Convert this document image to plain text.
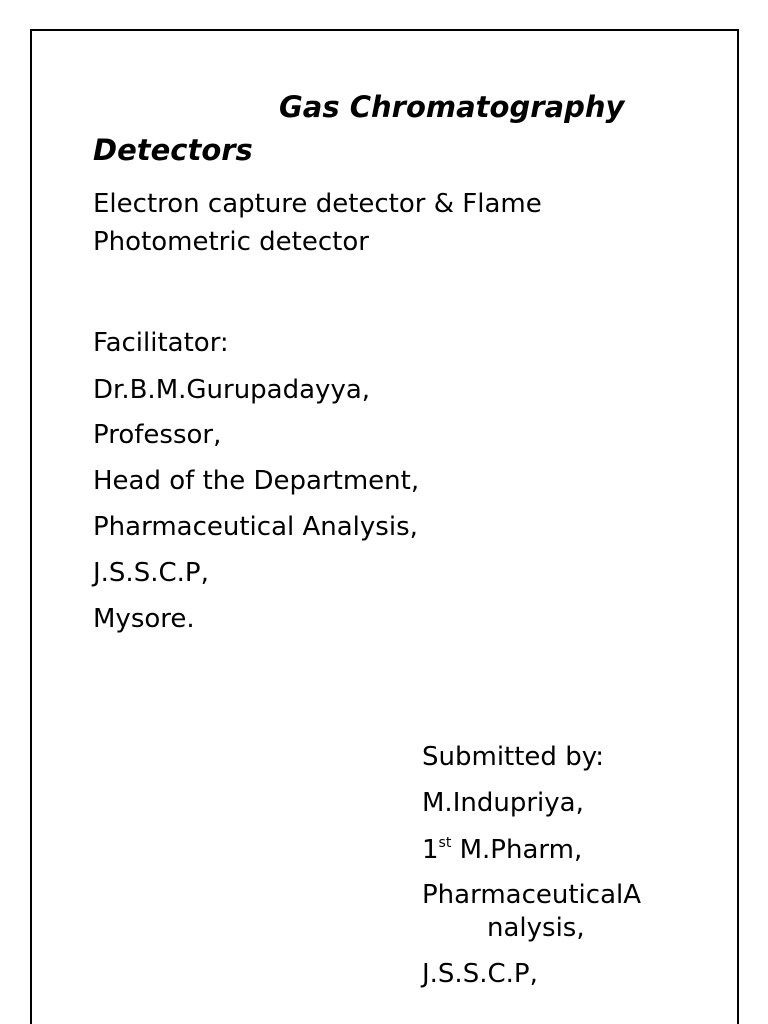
Gas Chromatography
Detectors
Electron capture detector & Flame
Photometric detector
Facilitator:
Dr.B.M.Gurupadayya,
Professor,
Head of the Department,
Pharmaceutical Analysis,
J.S.S.C.P,
Mysore.
Submitted by:
M.Indupriya,
1st M.Pharm,
PharmaceuticalA
nalysis,
J.S.S.C.P,
